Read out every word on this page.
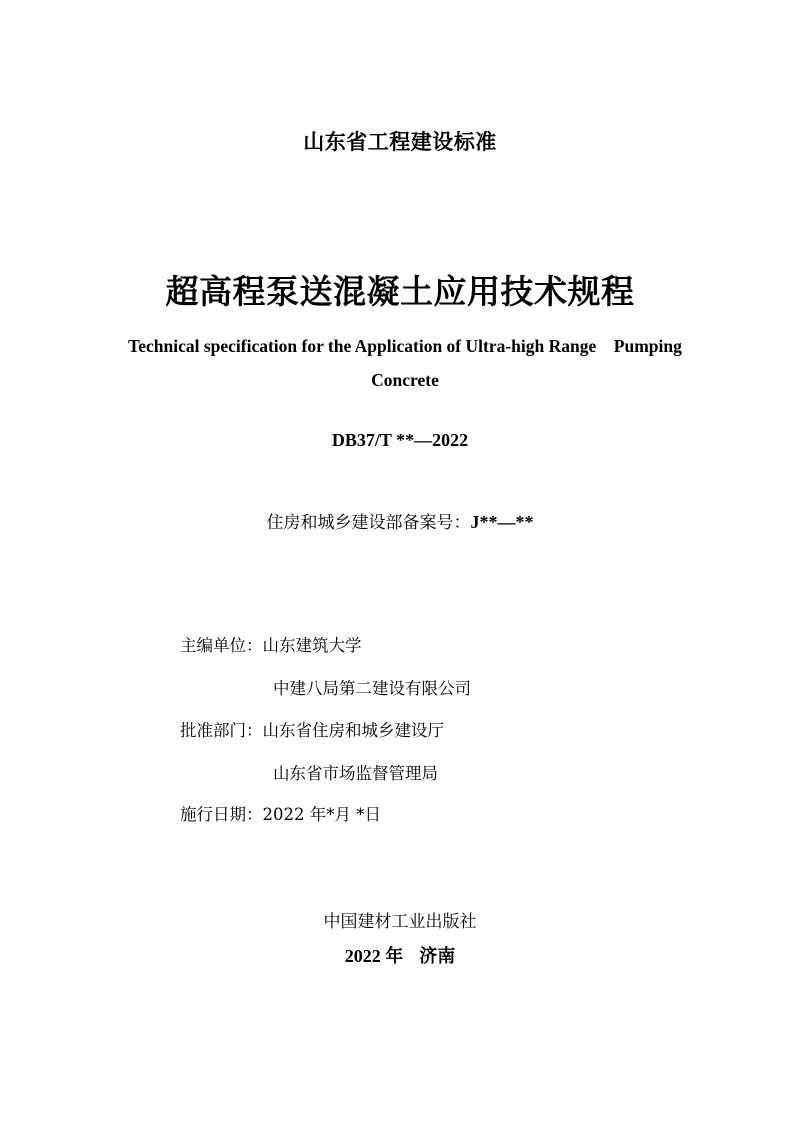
山东省工程建设标准
超高程泵送混凝土应用技术规程
Technical specification for the Application of Ultra-high Range　Pumping
Concrete
DB37/T **—2022
住房和城乡建设部备案号：J**—**
主编单位：山东建筑大学
中建八局第二建设有限公司
批准部门：山东省住房和城乡建设厅
山东省市场监督管理局
施行日期：2022 年*月 *日
中国建材工业出版社
2022 年 济南
